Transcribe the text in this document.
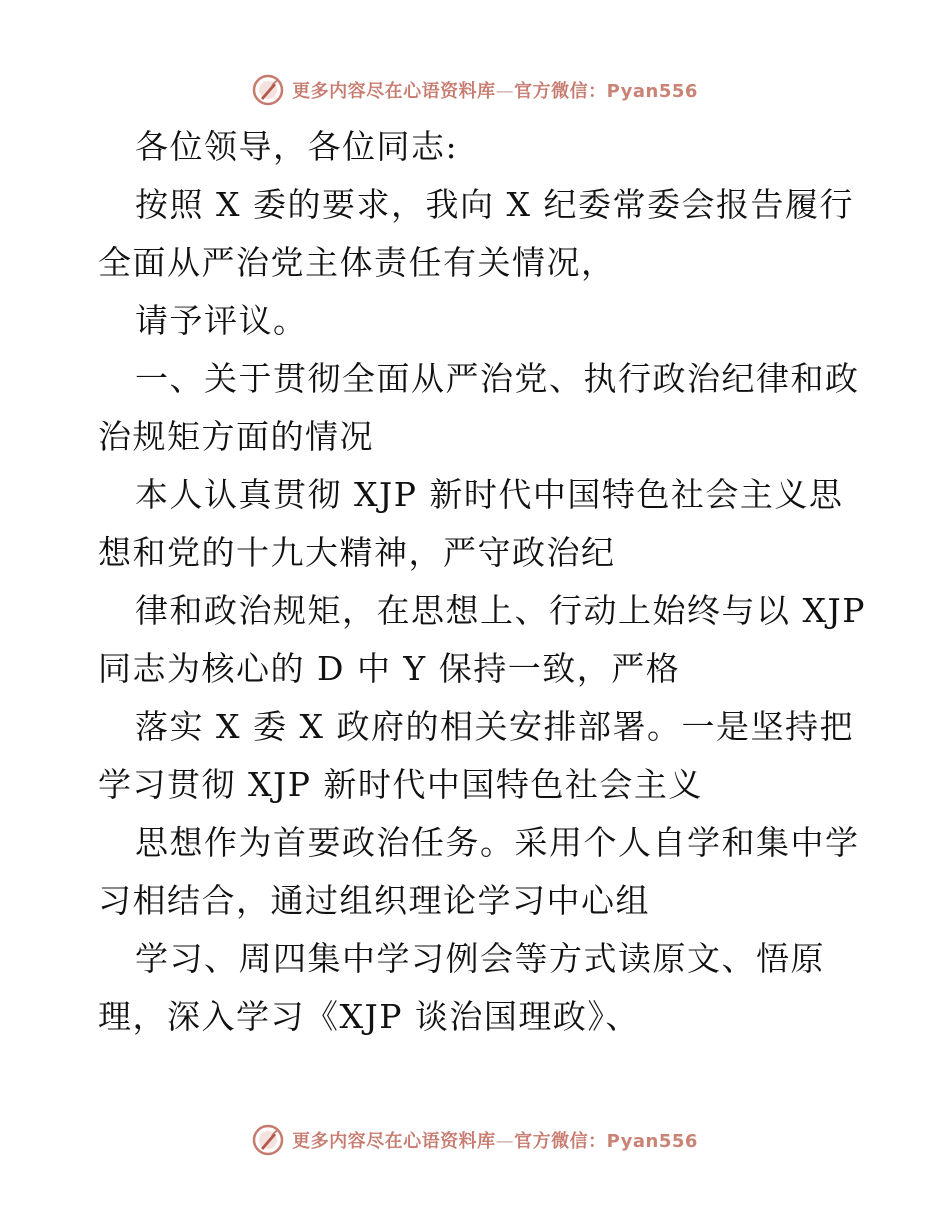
更多内容尽在心语资料库—官方微信：Pyan556

各位领导，各位同志:

按照 X 委的要求，我向 X 纪委常委会报告履行

全面从严治党主体责任有关情况，

请予评议。

一、关于贯彻全面从严治党、执行政治纪律和政

治规矩方面的情况

本人认真贯彻 XJP 新时代中国特色社会主义思

想和党的十九大精神，严守政治纪

律和政治规矩，在思想上、行动上始终与以 XJP

同志为核心的 D 中 Y 保持一致，严格

落实 X 委 X 政府的相关安排部署。一是坚持把

学习贯彻 XJP 新时代中国特色社会主义

思想作为首要政治任务。采用个人自学和集中学

习相结合，通过组织理论学习中心组

学习、周四集中学习例会等方式读原文、悟原

理，深入学习《XJP 谈治国理政》、

更多内容尽在心语资料库—官方微信：Pyan556
